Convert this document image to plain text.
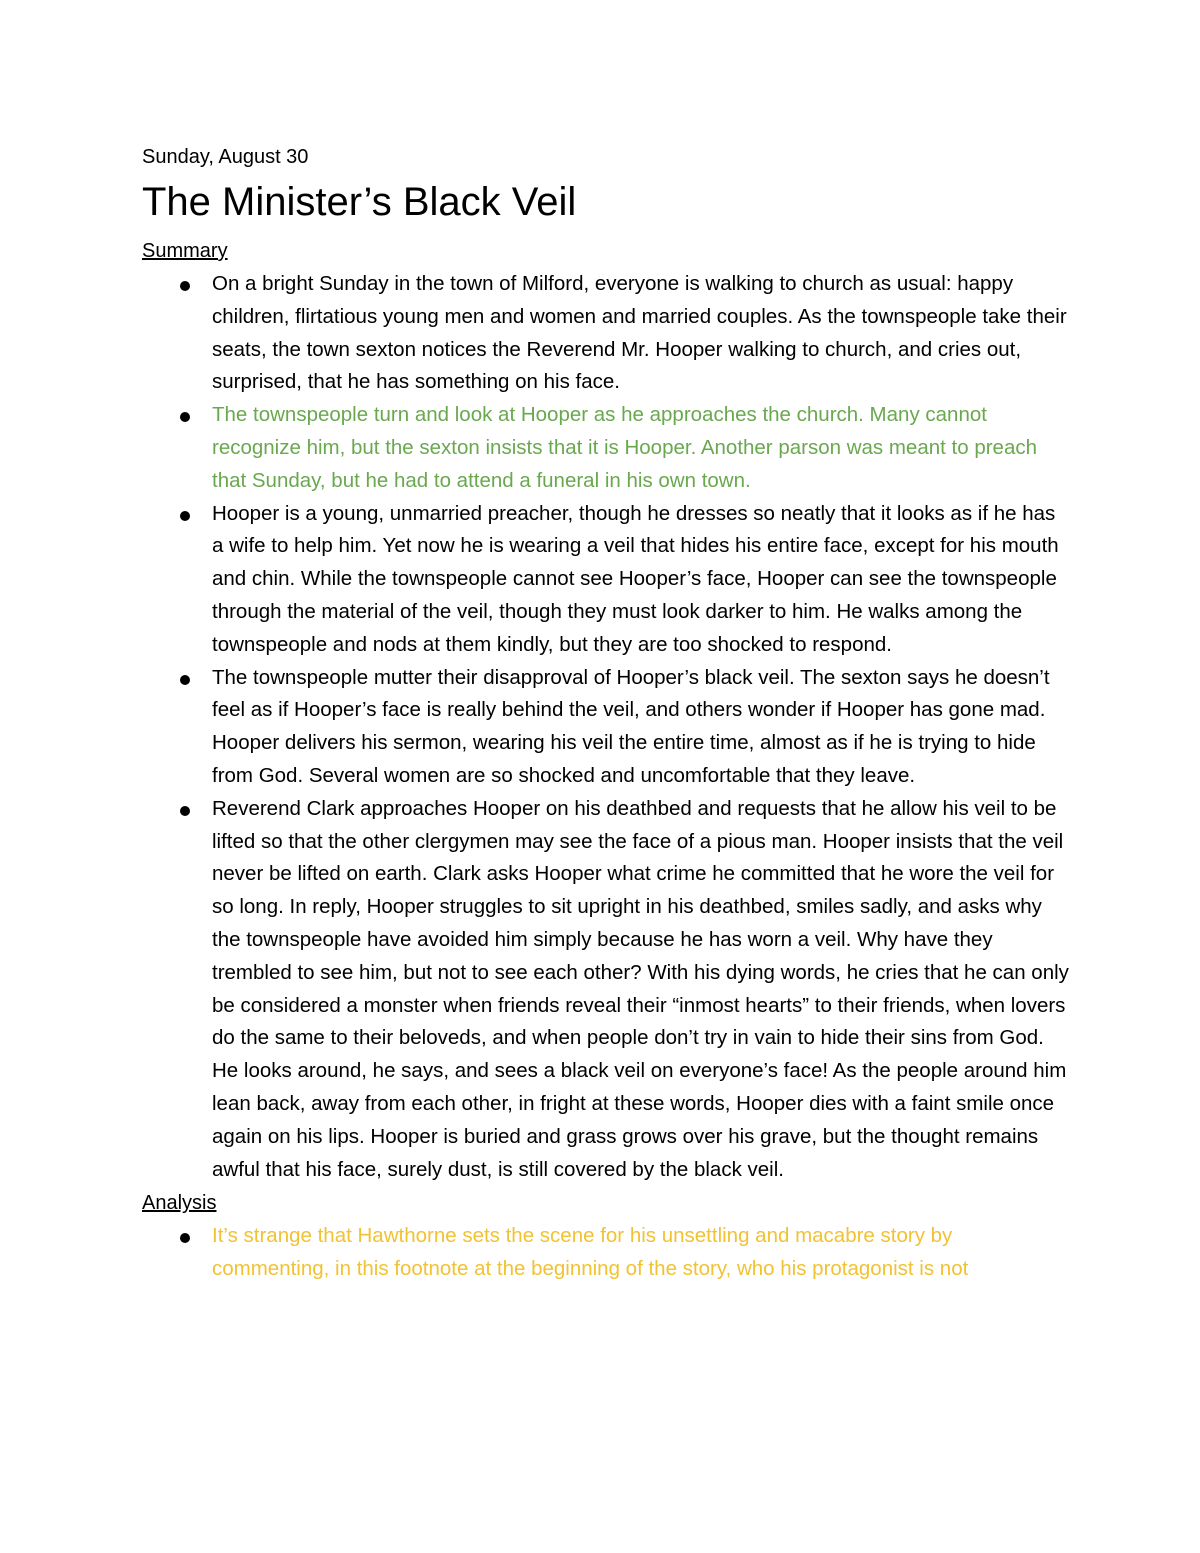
Sunday, August 30

The Minister’s Black Veil

Summary

On a bright Sunday in the town of Milford, everyone is walking to church as usual: happy children, flirtatious young men and women and married couples. As the townspeople take their seats, the town sexton notices the Reverend Mr. Hooper walking to church, and cries out, surprised, that he has something on his face.
The townspeople turn and look at Hooper as he approaches the church. Many cannot recognize him, but the sexton insists that it is Hooper. Another parson was meant to preach that Sunday, but he had to attend a funeral in his own town.
Hooper is a young, unmarried preacher, though he dresses so neatly that it looks as if he has a wife to help him. Yet now he is wearing a veil that hides his entire face, except for his mouth and chin. While the townspeople cannot see Hooper’s face, Hooper can see the townspeople through the material of the veil, though they must look darker to him. He walks among the townspeople and nods at them kindly, but they are too shocked to respond.
The townspeople mutter their disapproval of Hooper’s black veil. The sexton says he doesn’t feel as if Hooper’s face is really behind the veil, and others wonder if Hooper has gone mad. Hooper delivers his sermon, wearing his veil the entire time, almost as if he is trying to hide from God. Several women are so shocked and uncomfortable that they leave.
Reverend Clark approaches Hooper on his deathbed and requests that he allow his veil to be lifted so that the other clergymen may see the face of a pious man. Hooper insists that the veil never be lifted on earth. Clark asks Hooper what crime he committed that he wore the veil for so long. In reply, Hooper struggles to sit upright in his deathbed, smiles sadly, and asks why the townspeople have avoided him simply because he has worn a veil. Why have they trembled to see him, but not to see each other? With his dying words, he cries that he can only be considered a monster when friends reveal their “inmost hearts” to their friends, when lovers do the same to their beloveds, and when people don’t try in vain to hide their sins from God. He looks around, he says, and sees a black veil on everyone’s face! As the people around him lean back, away from each other, in fright at these words, Hooper dies with a faint smile once again on his lips. Hooper is buried and grass grows over his grave, but the thought remains awful that his face, surely dust, is still covered by the black veil.

Analysis

It’s strange that Hawthorne sets the scene for his unsettling and macabre story by commenting, in this footnote at the beginning of the story, who his protagonist is not
